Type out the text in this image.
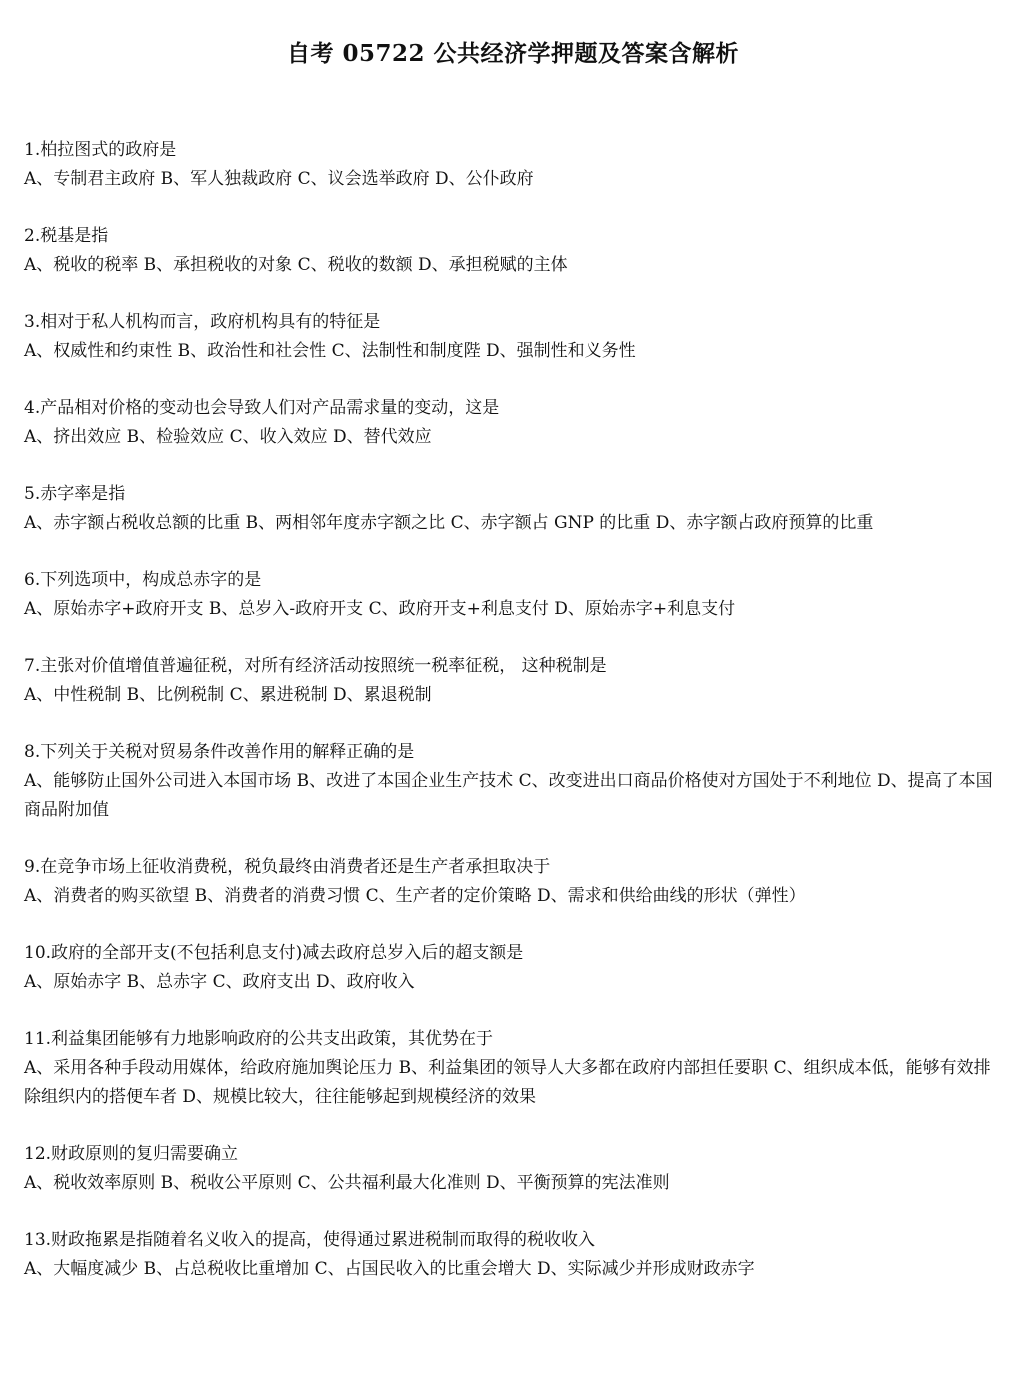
自考 05722 公共经济学押题及答案含解析

1.柏拉图式的政府是

A、专制君主政府 B、军人独裁政府 C、议会选举政府 D、公仆政府

2.税基是指

A、税收的税率 B、承担税收的对象 C、税收的数额 D、承担税赋的主体

3.相对于私人机构而言，政府机构具有的特征是

A、权威性和约束性 B、政治性和社会性 C、法制性和制度陛 D、强制性和义务性

4.产品相对价格的变动也会导致人们对产品需求量的变动，这是

A、挤出效应 B、检验效应 C、收入效应 D、替代效应

5.赤字率是指

A、赤字额占税收总额的比重 B、两相邻年度赤字额之比 C、赤字额占 GNP 的比重 D、赤字额占政府预算的比重

6.下列选项中，构成总赤字的是

A、原始赤字+政府开支 B、总岁入-政府开支 C、政府开支+利息支付 D、原始赤字+利息支付

7.主张对价值增值普遍征税，对所有经济活动按照统一税率征税， 这种税制是

A、中性税制 B、比例税制 C、累进税制 D、累退税制

8.下列关于关税对贸易条件改善作用的解释正确的是

A、能够防止国外公司进入本国市场 B、改进了本国企业生产技术 C、改变进出口商品价格使对方国处于不利地位 D、提高了本国商品附加值

9.在竞争市场上征收消费税，税负最终由消费者还是生产者承担取决于

A、消费者的购买欲望 B、消费者的消费习惯 C、生产者的定价策略 D、需求和供给曲线的形状（弹性）

10.政府的全部开支(不包括利息支付)减去政府总岁入后的超支额是

A、原始赤字 B、总赤字 C、政府支出 D、政府收入

11.利益集团能够有力地影响政府的公共支出政策，其优势在于

A、采用各种手段动用媒体，给政府施加舆论压力 B、利益集团的领导人大多都在政府内部担任要职 C、组织成本低，能够有效排除组织内的搭便车者 D、规模比较大，往往能够起到规模经济的效果

12.财政原则的复归需要确立

A、税收效率原则 B、税收公平原则 C、公共福利最大化准则 D、平衡预算的宪法准则

13.财政拖累是指随着名义收入的提高，使得通过累进税制而取得的税收收入

A、大幅度减少 B、占总税收比重增加 C、占国民收入的比重会增大 D、实际减少并形成财政赤字
